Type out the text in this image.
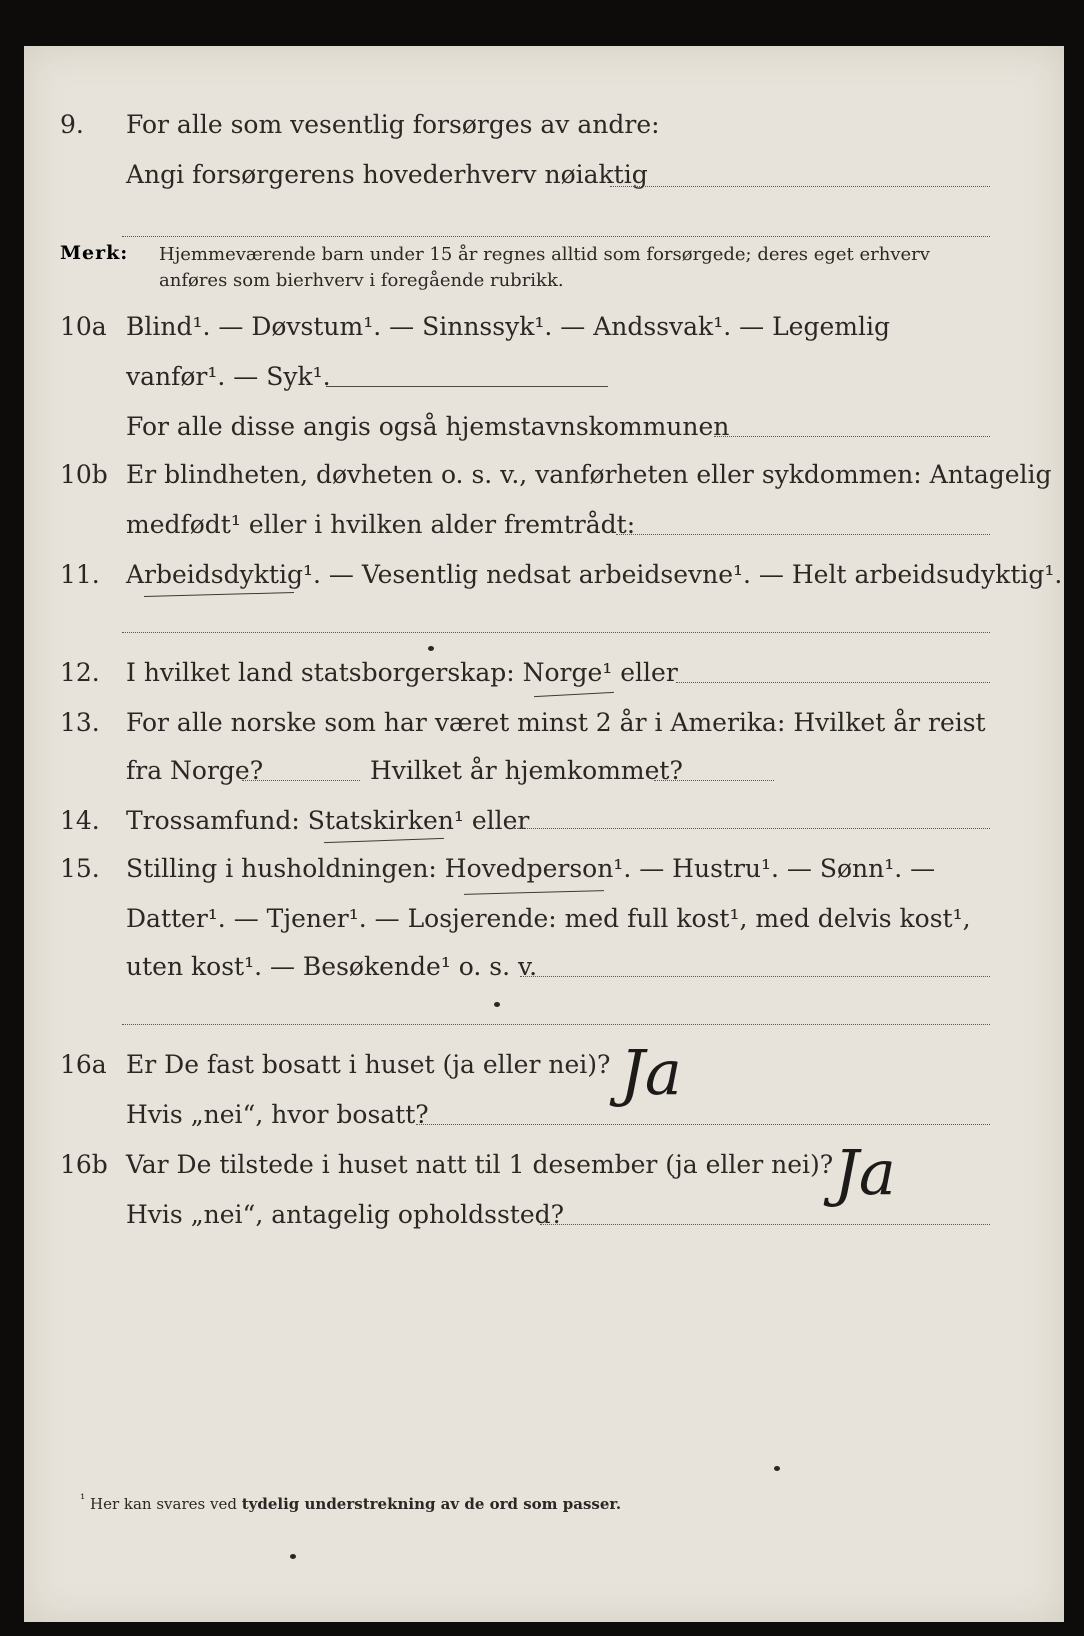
9. For alle som vesentlig forsørges av andre:
Angi forsørgerens hovederhverv nøiaktig
Merk: Hjemmeværende barn under 15 år regnes alltid som forsørgede; deres eget erhverv
anføres som bierhverv i foregående rubrikk.
10a Blind¹. — Døvstum¹. — Sinnssyk¹. — Andssvak¹. — Legemlig
vanfør¹. — Syk¹.
For alle disse angis også hjemstavnskommunen
10b Er blindheten, døvheten o. s. v., vanførheten eller sykdommen: Antagelig
medfødt¹ eller i hvilken alder fremtrådt:
11. Arbeidsdyktig¹. — Vesentlig nedsat arbeidsevne¹. — Helt arbeidsudyktig¹.
12. I hvilket land statsborgerskap: Norge¹ eller
13. For alle norske som har været minst 2 år i Amerika: Hvilket år reist
fra Norge?	Hvilket år hjemkommet?
14. Trossamfund: Statskirken¹ eller
15. Stilling i husholdningen: Hovedperson¹. — Hustru¹. — Sønn¹. —
Datter¹. — Tjener¹. — Losjerende: med full kost¹, med delvis kost¹,
uten kost¹. — Besøkende¹ o. s. v.
16a Er De fast bosatt i huset (ja eller nei)? Ja
Hvis „nei“, hvor bosatt?
16b Var De tilstede i huset natt til 1 desember (ja eller nei)? Ja
Hvis „nei“, antagelig opholdssted?
$^{^1}$ Her kan svares ved tydelig understrekning av de ord som passer.
